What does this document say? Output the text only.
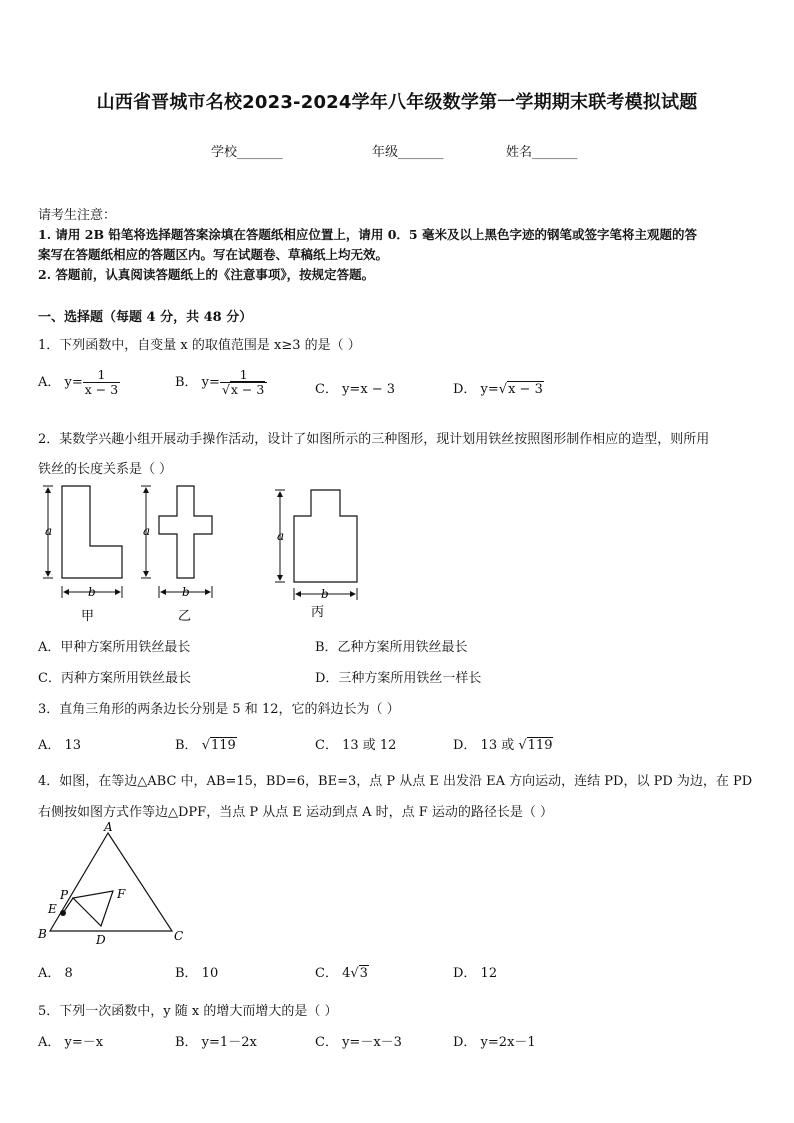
山西省晋城市名校2023-2024学年八年级数学第一学期期末联考模拟试题
学校_______	年级_______	姓名_______
请考生注意：
1. 请用 2B 铅笔将选择题答案涂填在答题纸相应位置上，请用 0．5 毫米及以上黑色字迹的钢笔或签字笔将主观题的答
案写在答题纸相应的答题区内。写在试题卷、草稿纸上均无效。
2. 答题前，认真阅读答题纸上的《注意事项》，按规定答题。
一、选择题（每题 4 分，共 48 分）
1．下列函数中，自变量 x 的取值范围是 x≥3 的是（ ）
A． $y= \frac{1}{x - 3}$	B． $y= \frac{1}{√x - 3}$	C． y=x − 3	D． y=√x − 3
2．某数学兴趣小组开展动手操作活动，设计了如图所示的三种图形，现计划用铁丝按照图形制作相应的造型，则所用
铁丝的长度关系是（ ）
a
b
甲
a
b
乙
a
b
丙
A．甲种方案所用铁丝最长	B．乙种方案所用铁丝最长
C．丙种方案所用铁丝最长	D．三种方案所用铁丝一样长
3．直角三角形的两条边长分别是 5 和 12，它的斜边长为（ ）
A． 13	B． √119	C． 13 或 12	D． 13 或 √119
4．如图，在等边△ABC 中，AB=15，BD=6，BE=3，点 P 从点 E 出发沿 EA 方向运动，连结 PD，以 PD 为边，在 PD
右侧按如图方式作等边△DPF，当点 P 从点 E 运动到点 A 时，点 F 运动的路径长是（ ）
A
B	C
D
E
F
P
A． 8	B． 10	C． 4√3	D． 12
5．下列一次函数中，y 随 x 的增大而增大的是（ ）
A． y=－x	B． y=1－2x	C． y=－x－3	D． y=2x－1
